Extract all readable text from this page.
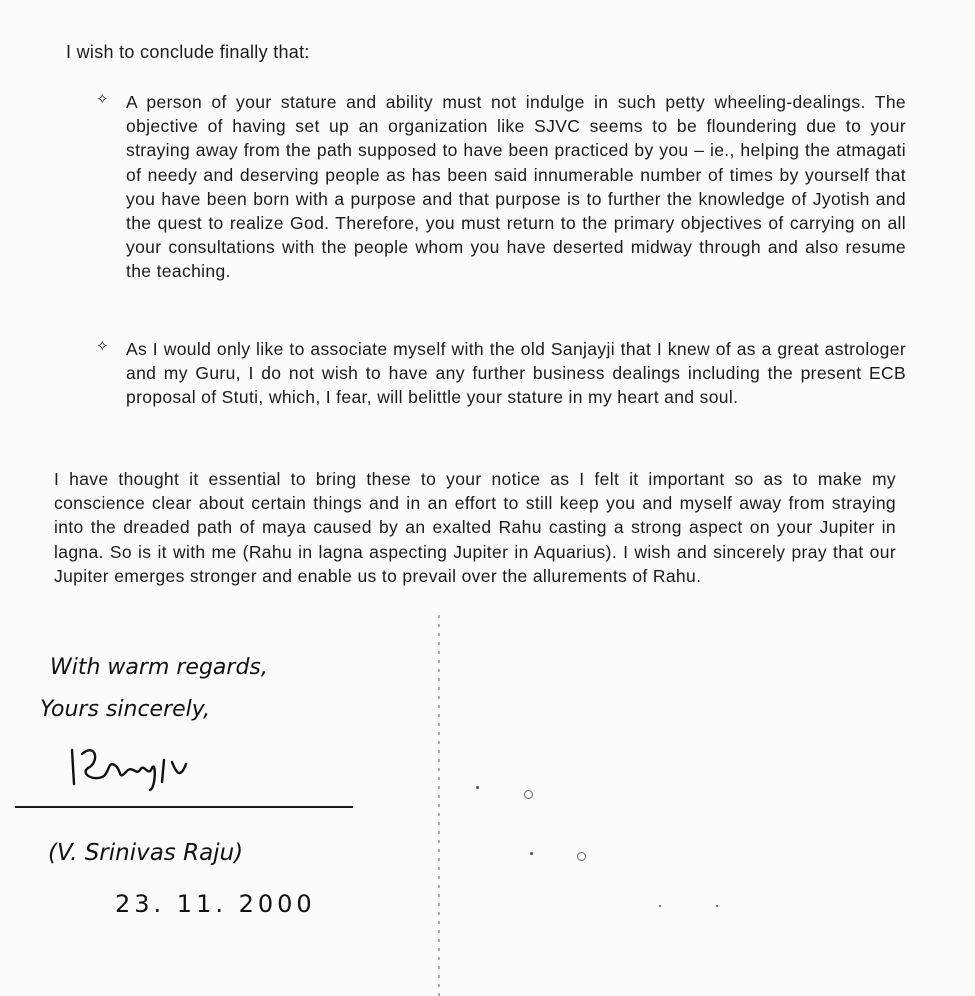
I wish to conclude finally that:
✧ A person of your stature and ability must not indulge in such petty wheeling-dealings. The objective of having set up an organization like SJVC seems to be floundering due to your straying away from the path supposed to have been practiced by you – ie., helping the atmagati of needy and deserving people as has been said innumerable number of times by yourself that you have been born with a purpose and that purpose is to further the knowledge of Jyotish and the quest to realize God. Therefore, you must return to the primary objectives of carrying on all your consultations with the people whom you have deserted midway through and also resume the teaching.
✧ As I would only like to associate myself with the old Sanjayji that I knew of as a great astrologer and my Guru, I do not wish to have any further business dealings including the present ECB proposal of Stuti, which, I fear, will belittle your stature in my heart and soul.
I have thought it essential to bring these to your notice as I felt it important so as to make my conscience clear about certain things and in an effort to still keep you and myself away from straying into the dreaded path of maya caused by an exalted Rahu casting a strong aspect on your Jupiter in lagna. So is it with me (Rahu in lagna aspecting Jupiter in Aquarius). I wish and sincerely pray that our Jupiter emerges stronger and enable us to prevail over the allurements of Rahu.
With warm regards,
Yours sincerely,
(V. Srinivas Raju)
23. 11. 2000
